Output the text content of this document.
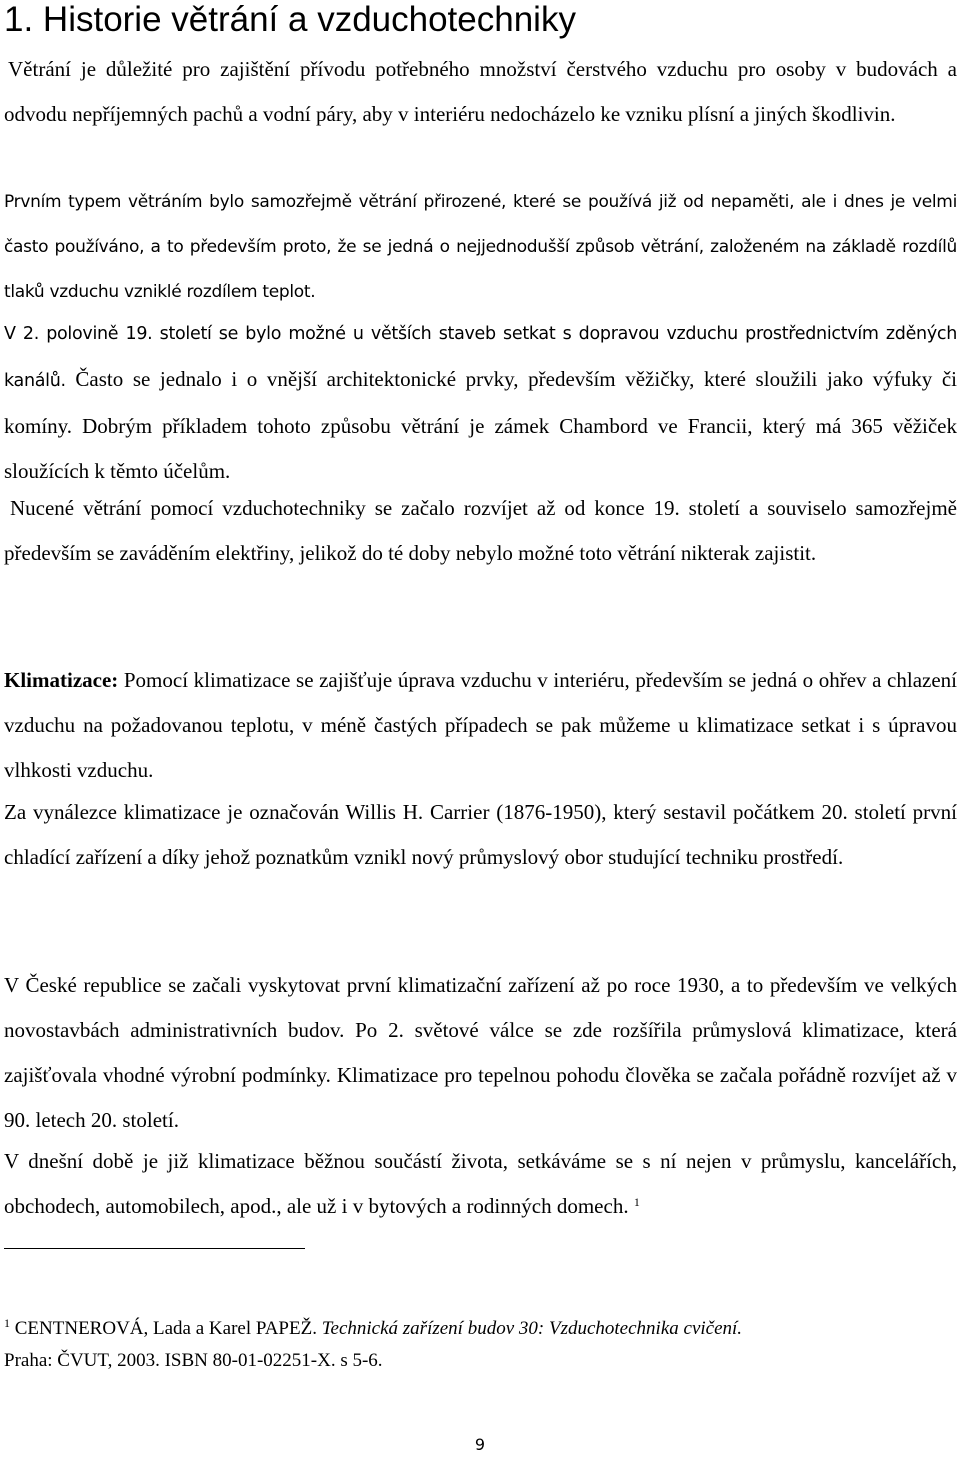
1. Historie větrání a vzduchotechniky

Větrání je důležité pro zajištění přívodu potřebného množství čerstvého vzduchu pro osoby v budovách a odvodu nepříjemných pachů a vodní páry, aby v interiéru nedocházelo ke vzniku plísní a jiných škodlivin.

Prvním typem větráním bylo samozřejmě větrání přirozené, které se používá již od nepaměti, ale i dnes je velmi často používáno, a to především proto, že se jedná o nejjednodušší způsob větrání, založeném na základě rozdílů tlaků vzduchu vzniklé rozdílem teplot.

V 2. polovině 19. století se bylo možné u větších staveb setkat s dopravou vzduchu prostřednictvím zděných kanálů. Často se jednalo i o vnější architektonické prvky, především věžičky, které sloužili jako výfuky či komíny. Dobrým příkladem tohoto způsobu větrání je zámek Chambord ve Francii, který má 365 věžiček sloužících k těmto účelům.

Nucené větrání pomocí vzduchotechniky se začalo rozvíjet až od konce 19. století a souviselo samozřejmě především se zaváděním elektřiny, jelikož do té doby nebylo možné toto větrání nikterak zajistit.

Klimatizace: Pomocí klimatizace se zajišťuje úprava vzduchu v interiéru, především se jedná o ohřev a chlazení vzduchu na požadovanou teplotu, v méně častých případech se pak můžeme u klimatizace setkat i s úpravou vlhkosti vzduchu.

Za vynálezce klimatizace je označován Willis H. Carrier (1876-1950), který sestavil počátkem 20. století první chladící zařízení a díky jehož poznatkům vznikl nový průmyslový obor studující techniku prostředí.

V České republice se začali vyskytovat první klimatizační zařízení až po roce 1930, a to především ve velkých novostavbách administrativních budov. Po 2. světové válce se zde rozšířila průmyslová klimatizace, která zajišťovala vhodné výrobní podmínky. Klimatizace pro tepelnou pohodu člověka se začala pořádně rozvíjet až v 90. letech 20. století.

V dnešní době je již klimatizace běžnou součástí života, setkáváme se s ní nejen v průmyslu, kancelářích, obchodech, automobilech, apod., ale už i v bytových a rodinných domech. $^1$

$^1$ CENTNEROVÁ, Lada a Karel PAPEŽ. Technická zařízení budov 30: Vzduchotechnika cvičení.
Praha: ČVUT, 2003. ISBN 80-01-02251-X. s 5-6.

9
